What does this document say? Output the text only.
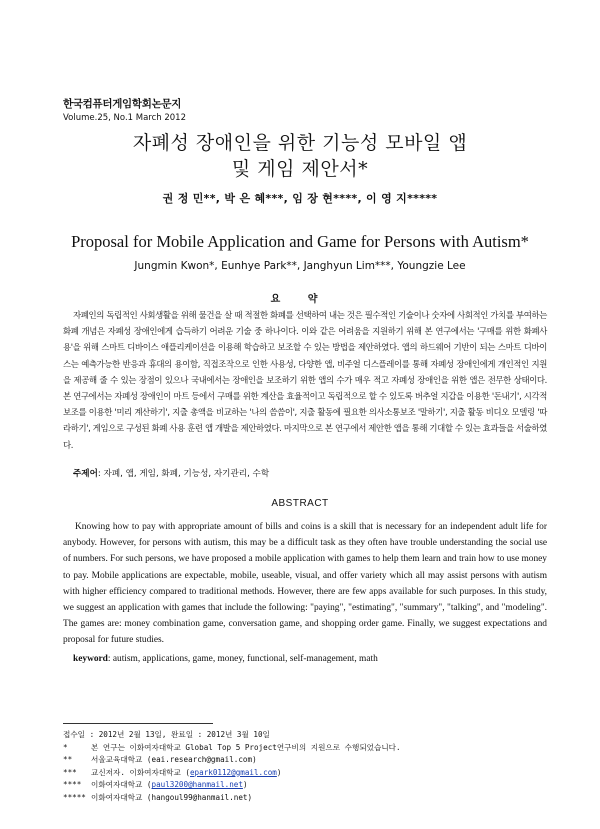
한국컴퓨터게임학회논문지
Volume.25, No.1 March 2012
자폐성 장애인을 위한 기능성 모바일 앱
및 게임 제안서*
권 정 민**, 박 은 혜***, 임 장 현****, 이 영 지*****
Proposal for Mobile Application and Game for Persons with Autism*
Jungmin Kwon*, Eunhye Park**, Janghyun Lim***, Youngzie Lee
요 약
자폐인의 독립적인 사회생활을 위해 물건을 살 때 적절한 화폐를 선택하여 내는 것은 필수적인 기술이나 숫자에 사회적인 가치를 부여하는 화폐 개념은 자폐성 장애인에게 습득하기 어려운 기술 중 하나이다. 이와 같은 어려움을 지원하기 위해 본 연구에서는 '구매를 위한 화폐사용'을 위해 스마트 디바이스 애플리케이션을 이용해 학습하고 보조할 수 있는 방법을 제안하였다. 앱의 하드웨어 기반이 되는 스마트 디바이스는 예측가능한 반응과 휴대의 용이함, 직접조작으로 인한 사용성, 다양한 앱, 비주얼 디스플레이를 통해 자폐성 장애인에게 개인적인 지원을 제공해 줄 수 있는 장점이 있으나 국내에서는 장애인을 보조하기 위한 앱의 수가 매우 적고 자폐성 장애인을 위한 앱은 전무한 상태이다. 본 연구에서는 자폐성 장애인이 마트 등에서 구매를 위한 계산을 효율적이고 독립적으로 할 수 있도록 버추얼 지갑을 이용한 '돈내기', 시각적 보조를 이용한 '미리 계산하기', 지출 총액을 비교하는 '나의 씀씀이', 지출 활동에 필요한 의사소통보조 '말하기', 지출 활동 비디오 모델링 '따라하기', 게임으로 구성된 화폐 사용 훈련 앱 개발을 제안하였다. 마지막으로 본 연구에서 제안한 앱을 통해 기대할 수 있는 효과들을 서술하였다.
주제어: 자폐, 앱, 게임, 화폐, 기능성, 자기관리, 수학
ABSTRACT
Knowing how to pay with appropriate amount of bills and coins is a skill that is necessary for an independent adult life for anybody. However, for persons with autism, this may be a difficult task as they often have trouble understanding the social use of numbers. For such persons, we have proposed a mobile application with games to help them learn and train how to use money to pay. Mobile applications are expectable, mobile, useable, visual, and offer variety which all may assist persons with autism with higher efficiency compared to traditional methods. However, there are few apps available for such purposes. In this study, we suggest an application with games that include the following: "paying", "estimating", "summary", "talking", and "modeling". The games are: money combination game, conversation game, and shopping order game. Finally, we suggest expectations and proposal for future studies.
keyword: autism, applications, game, money, functional, self-management, math
접수일 : 2012년 2월 13일, 완료일 : 2012년 3월 10일
*	본 연구는 이화여자대학교 Global Top 5 Project연구비의 지원으로 수행되었습니다.
** 서울교육대학교 (eai.research@gmail.com)
*** 교신저자. 이화여자대학교 (epark0112@gmail.com)
**** 이화여자대학교 (paul3200@hanmail.net)
***** 이화여자대학교 (hangoul99@hanmail.net)
